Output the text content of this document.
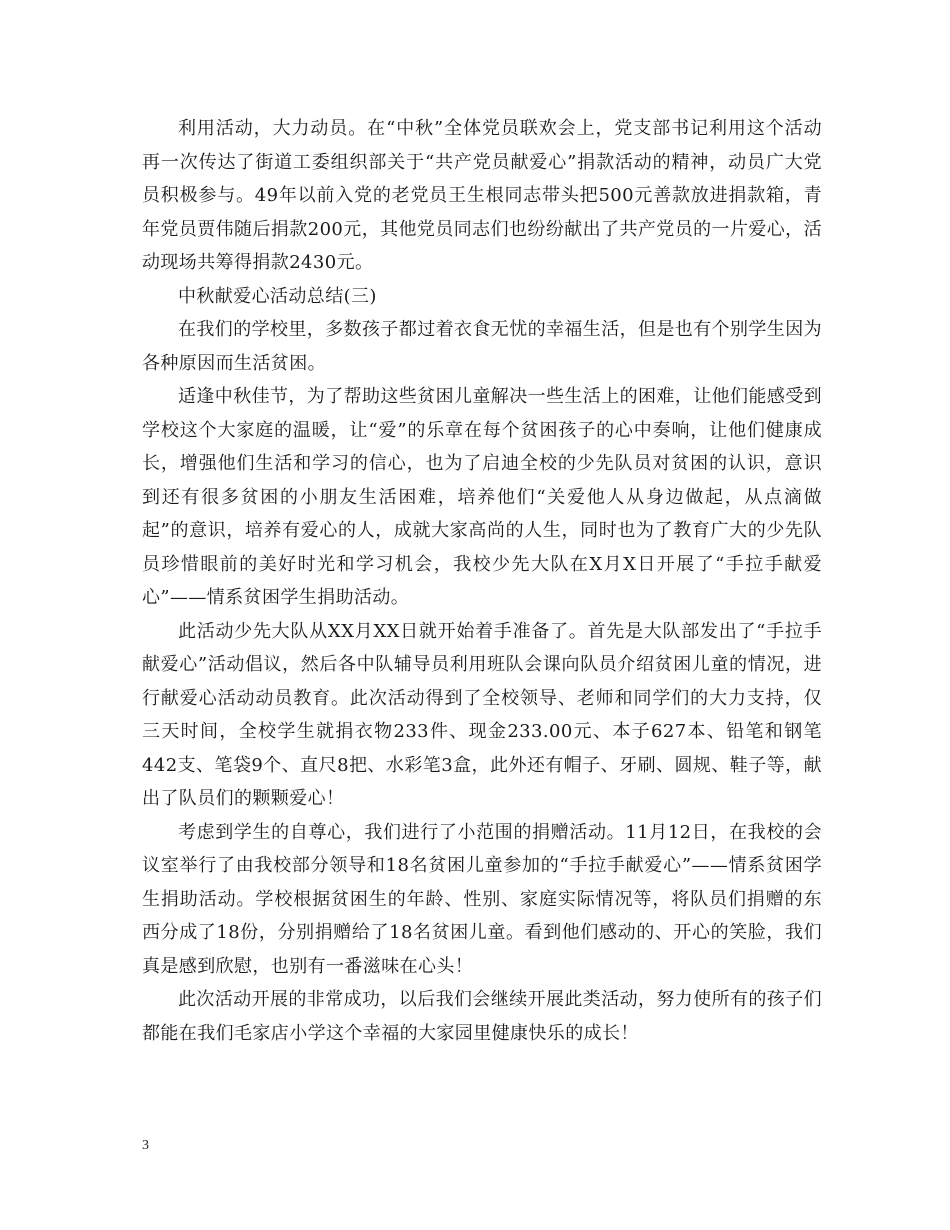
利用活动，大力动员。在“中秋”全体党员联欢会上，党支部书记利用这个活动再一次传达了街道工委组织部关于“共产党员献爱心”捐款活动的精神，动员广大党员积极参与。49年以前入党的老党员王生根同志带头把500元善款放进捐款箱，青年党员贾伟随后捐款200元，其他党员同志们也纷纷献出了共产党员的一片爱心，活动现场共筹得捐款2430元。

中秋献爱心活动总结(三)

在我们的学校里，多数孩子都过着衣食无忧的幸福生活，但是也有个别学生因为各种原因而生活贫困。

适逢中秋佳节，为了帮助这些贫困儿童解决一些生活上的困难，让他们能感受到学校这个大家庭的温暖，让“爱”的乐章在每个贫困孩子的心中奏响，让他们健康成长，增强他们生活和学习的信心，也为了启迪全校的少先队员对贫困的认识，意识到还有很多贫困的小朋友生活困难，培养他们“关爱他人从身边做起，从点滴做起”的意识，培养有爱心的人，成就大家高尚的人生，同时也为了教育广大的少先队员珍惜眼前的美好时光和学习机会，我校少先大队在X月X日开展了“手拉手献爱心”——情系贫困学生捐助活动。

此活动少先大队从XX月XX日就开始着手准备了。首先是大队部发出了“手拉手献爱心”活动倡议，然后各中队辅导员利用班队会课向队员介绍贫困儿童的情况，进行献爱心活动动员教育。此次活动得到了全校领导、老师和同学们的大力支持，仅三天时间，全校学生就捐衣物233件、现金233.00元、本子627本、铅笔和钢笔442支、笔袋9个、直尺8把、水彩笔3盒，此外还有帽子、牙刷、圆规、鞋子等，献出了队员们的颗颗爱心！

考虑到学生的自尊心，我们进行了小范围的捐赠活动。11月12日，在我校的会议室举行了由我校部分领导和18名贫困儿童参加的“手拉手献爱心”——情系贫困学生捐助活动。学校根据贫困生的年龄、性别、家庭实际情况等，将队员们捐赠的东西分成了18份，分别捐赠给了18名贫困儿童。看到他们感动的、开心的笑脸，我们真是感到欣慰，也别有一番滋味在心头！

此次活动开展的非常成功，以后我们会继续开展此类活动，努力使所有的孩子们都能在我们毛家店小学这个幸福的大家园里健康快乐的成长！

3
